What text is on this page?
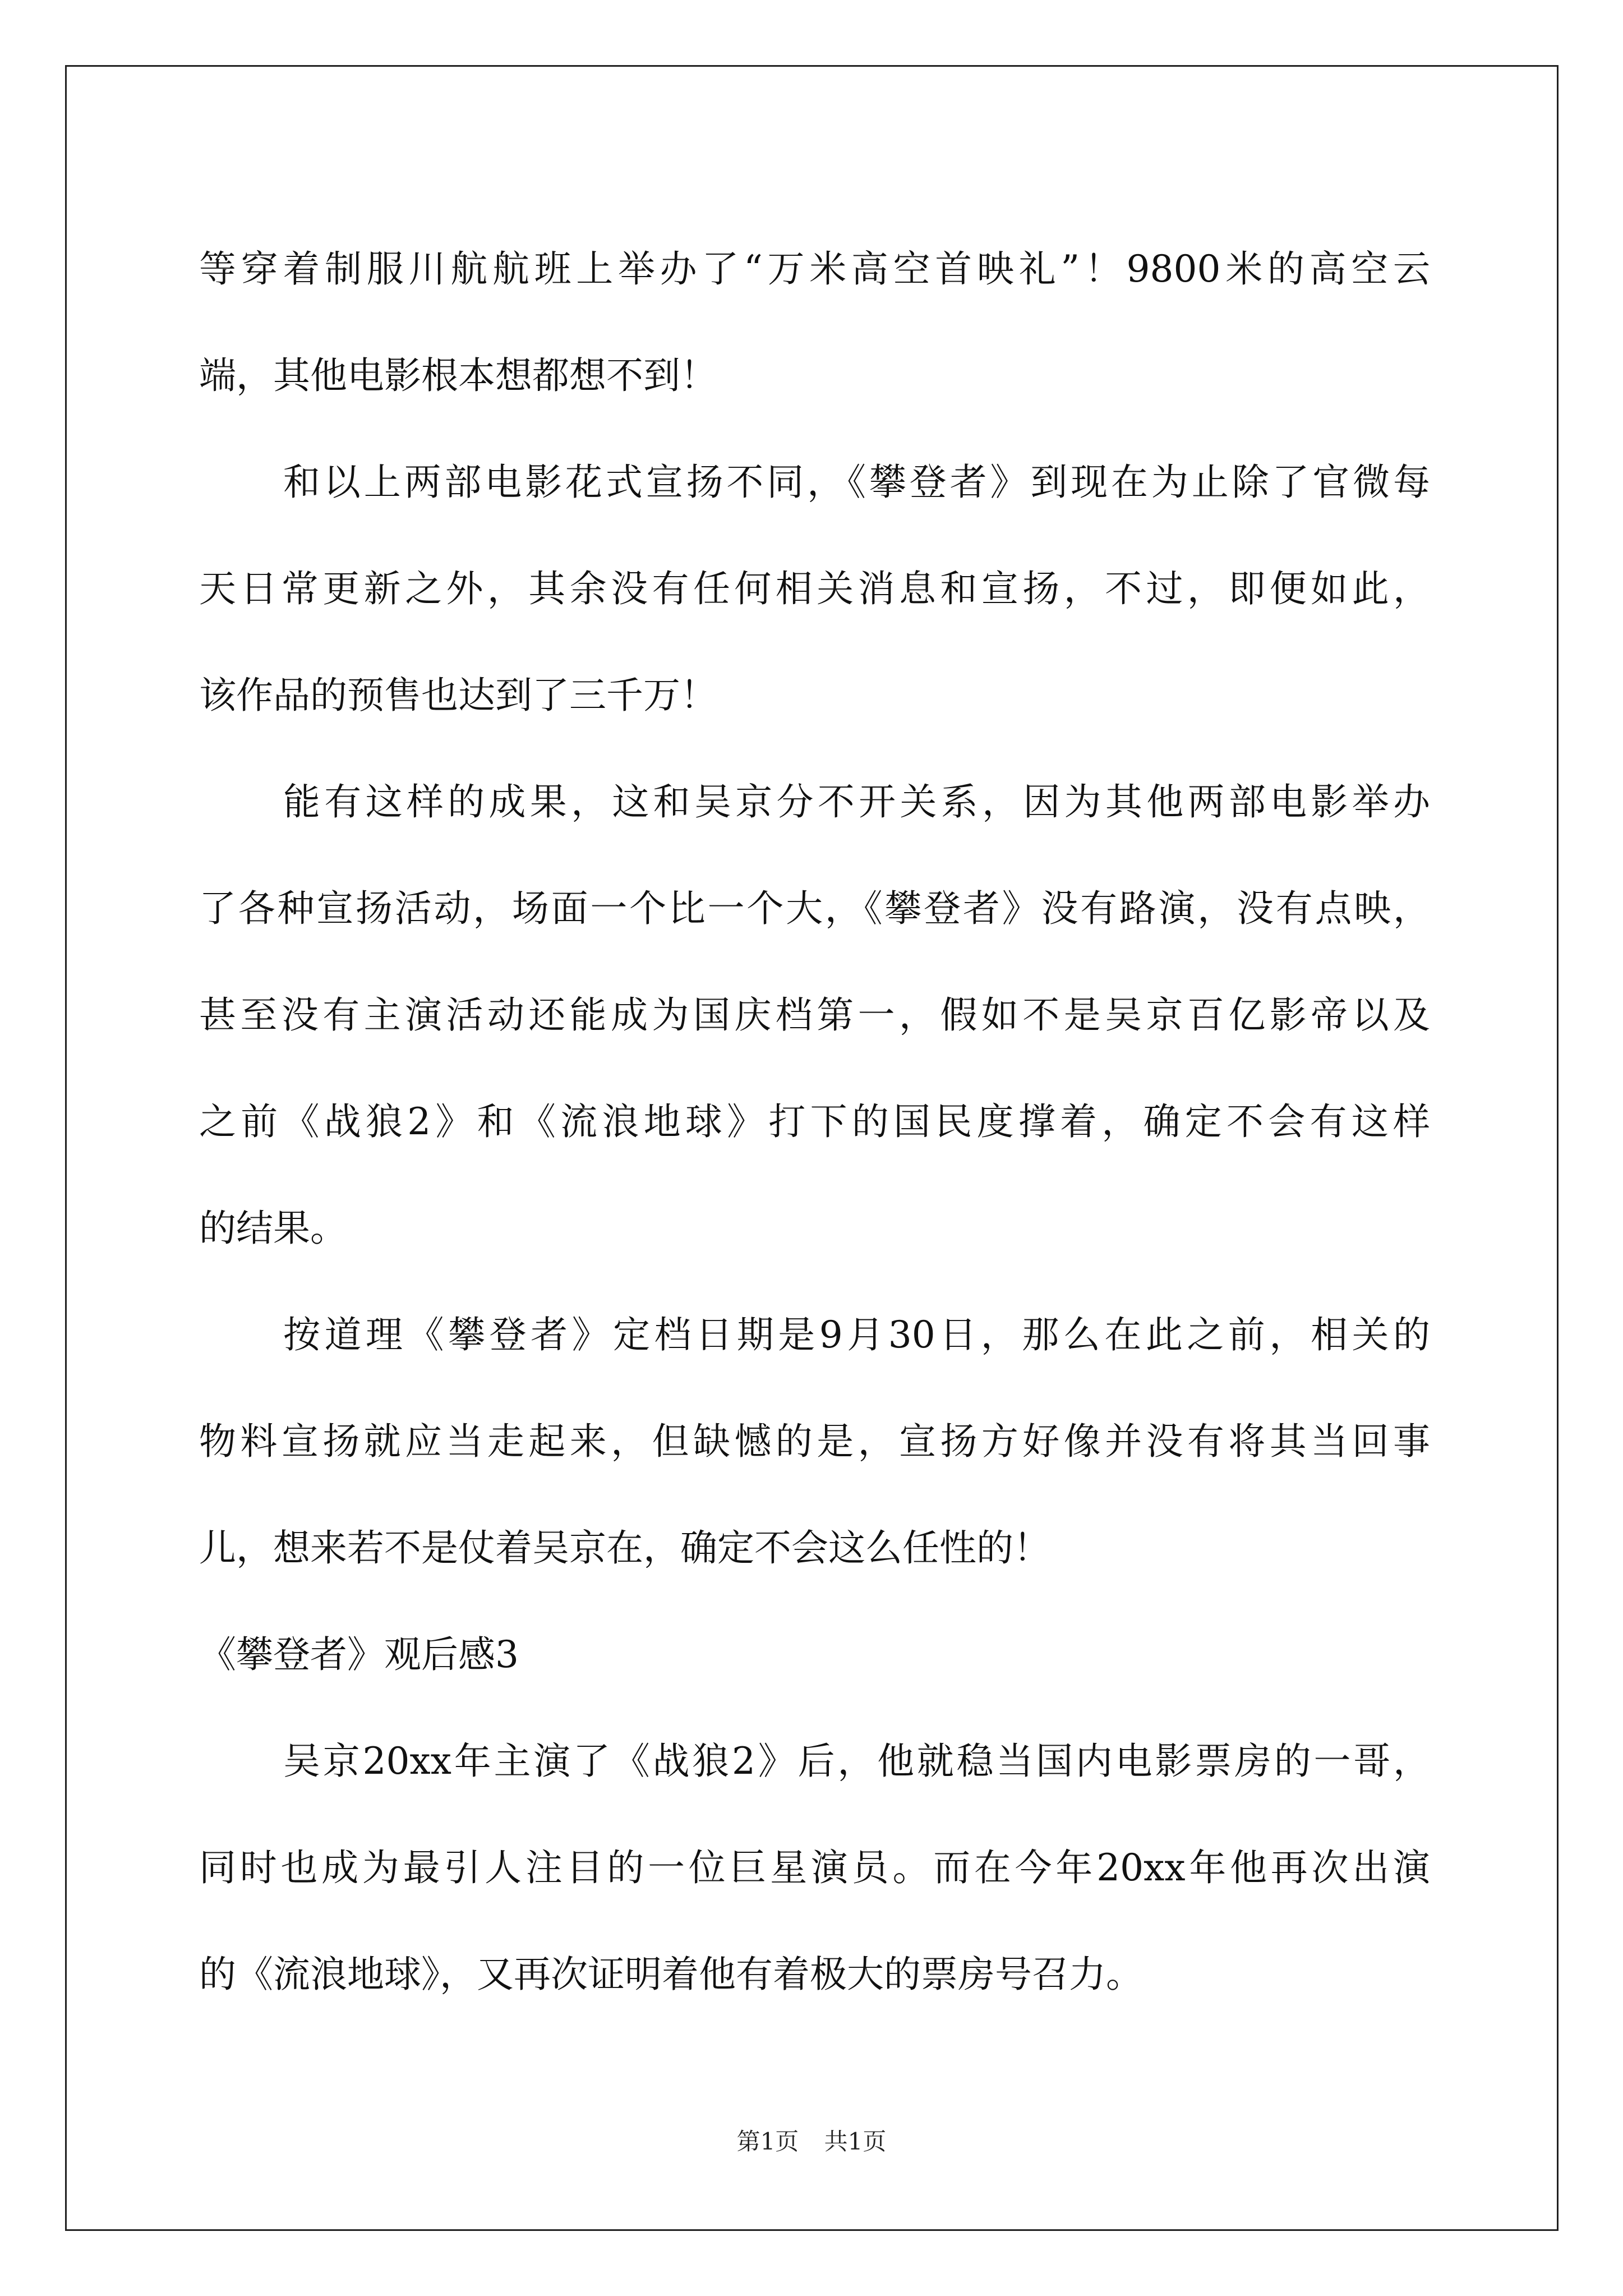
等穿着制服川航航班上举办了“万米高空首映礼”！9800米的高空云
端，其他电影根本想都想不到！
和以上两部电影花式宣扬不同，《攀登者》到现在为止除了官微每
天日常更新之外，其余没有任何相关消息和宣扬，不过，即便如此，
该作品的预售也达到了三千万！
能有这样的成果，这和吴京分不开关系，因为其他两部电影举办
了各种宣扬活动，场面一个比一个大，《攀登者》没有路演，没有点映，
甚至没有主演活动还能成为国庆档第一，假如不是吴京百亿影帝以及
之前《战狼2》和《流浪地球》打下的国民度撑着，确定不会有这样
的结果。
按道理《攀登者》定档日期是9月30日，那么在此之前，相关的
物料宣扬就应当走起来，但缺憾的是，宣扬方好像并没有将其当回事
儿，想来若不是仗着吴京在，确定不会这么任性的！
《攀登者》观后感3
吴京20xx年主演了《战狼2》后，他就稳当国内电影票房的一哥，
同时也成为最引人注目的一位巨星演员。而在今年20xx年他再次出演
的《流浪地球》，又再次证明着他有着极大的票房号召力。
第1页 共1页
